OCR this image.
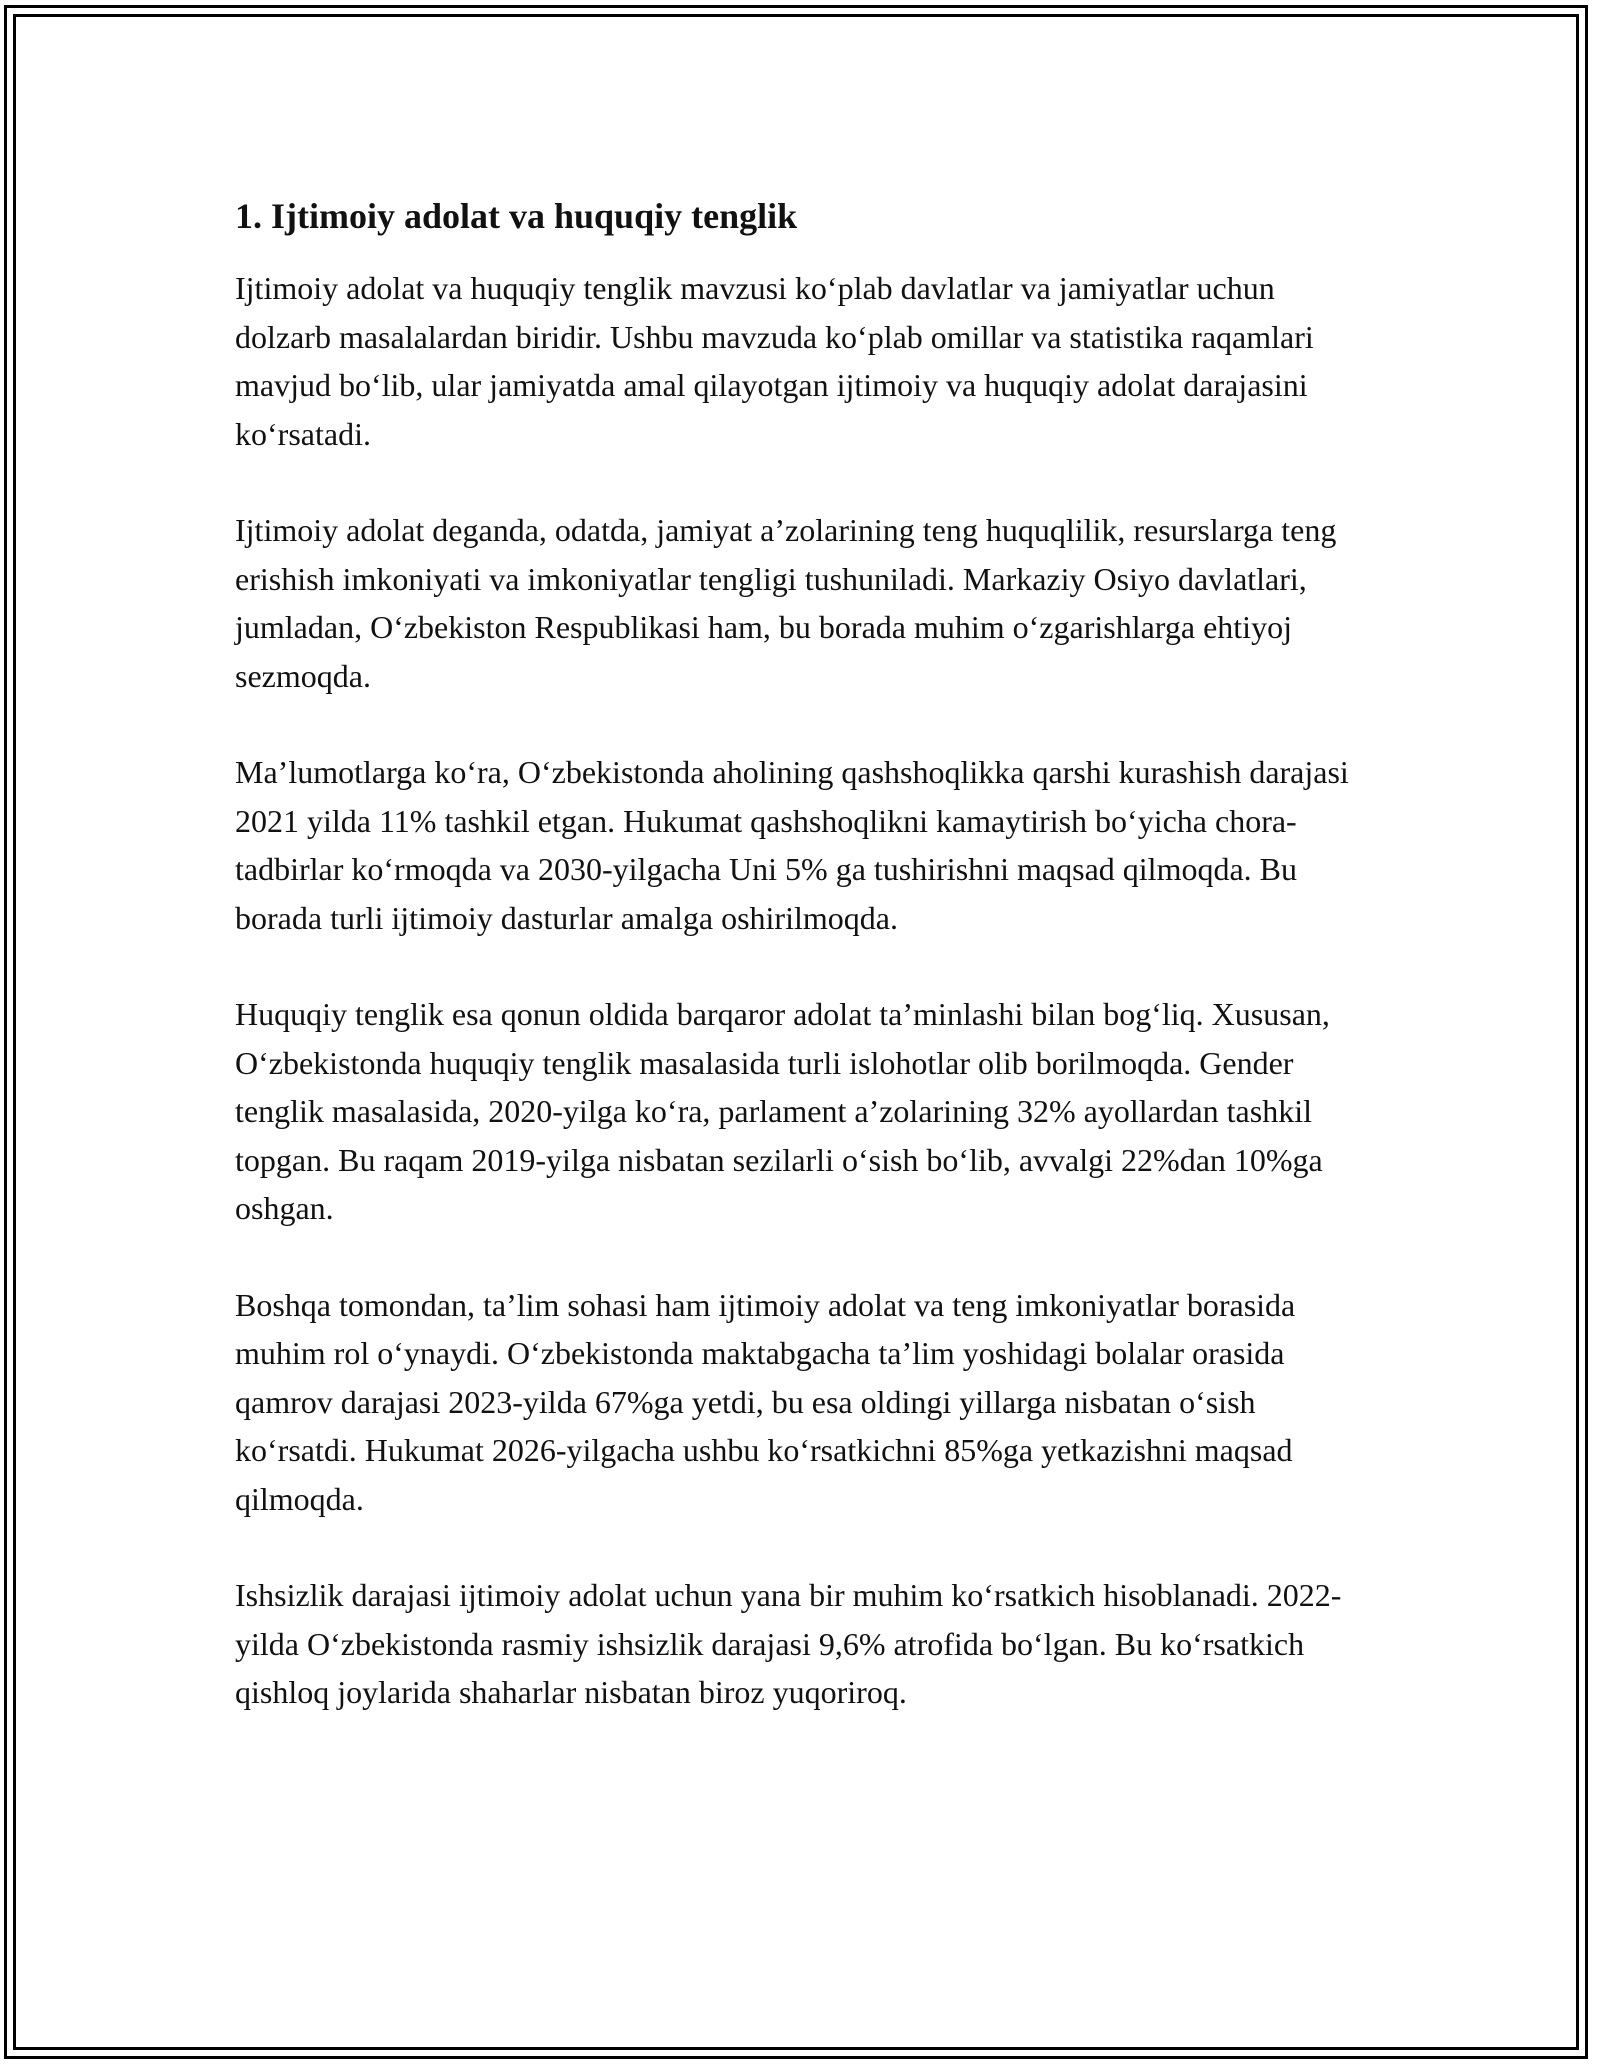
1. Ijtimoiy adolat va huquqiy tenglik

Ijtimoiy adolat va huquqiy tenglik mavzusi koʻplab davlatlar va jamiyatlar uchun dolzarb masalalardan biridir. Ushbu mavzuda koʻplab omillar va statistika raqamlari mavjud boʻlib, ular jamiyatda amal qilayotgan ijtimoiy va huquqiy adolat darajasini koʻrsatadi.

Ijtimoiy adolat deganda, odatda, jamiyat aʼzolarining teng huquqlilik, resurslarga teng erishish imkoniyati va imkoniyatlar tengligi tushuniladi. Markaziy Osiyo davlatlari, jumladan, Oʻzbekiston Respublikasi ham, bu borada muhim oʻzgarishlarga ehtiyoj sezmoqda.

Maʼlumotlarga koʻra, Oʻzbekistonda aholining qashshoqlikka qarshi kurashish darajasi 2021 yilda 11% tashkil etgan. Hukumat qashshoqlikni kamaytirish boʻyicha chora-tadbirlar koʻrmoqda va 2030-yilgacha Uni 5% ga tushirishni maqsad qilmoqda. Bu borada turli ijtimoiy dasturlar amalga oshirilmoqda.

Huquqiy tenglik esa qonun oldida barqaror adolat taʼminlashi bilan bogʻliq. Xususan, Oʻzbekistonda huquqiy tenglik masalasida turli islohotlar olib borilmoqda. Gender tenglik masalasida, 2020-yilga koʻra, parlament aʼzolarining 32% ayollardan tashkil topgan. Bu raqam 2019-yilga nisbatan sezilarli oʻsish boʻlib, avvalgi 22%dan 10%ga oshgan.

Boshqa tomondan, taʼlim sohasi ham ijtimoiy adolat va teng imkoniyatlar borasida muhim rol oʻynaydi. Oʻzbekistonda maktabgacha taʼlim yoshidagi bolalar orasida qamrov darajasi 2023-yilda 67%ga yetdi, bu esa oldingi yillarga nisbatan oʻsish koʻrsatdi. Hukumat 2026-yilgacha ushbu koʻrsatkichni 85%ga yetkazishni maqsad qilmoqda.

Ishsizlik darajasi ijtimoiy adolat uchun yana bir muhim koʻrsatkich hisoblanadi. 2022-yilda Oʻzbekistonda rasmiy ishsizlik darajasi 9,6% atrofida boʻlgan. Bu koʻrsatkich qishloq joylarida shaharlar nisbatan biroz yuqoriroq.
